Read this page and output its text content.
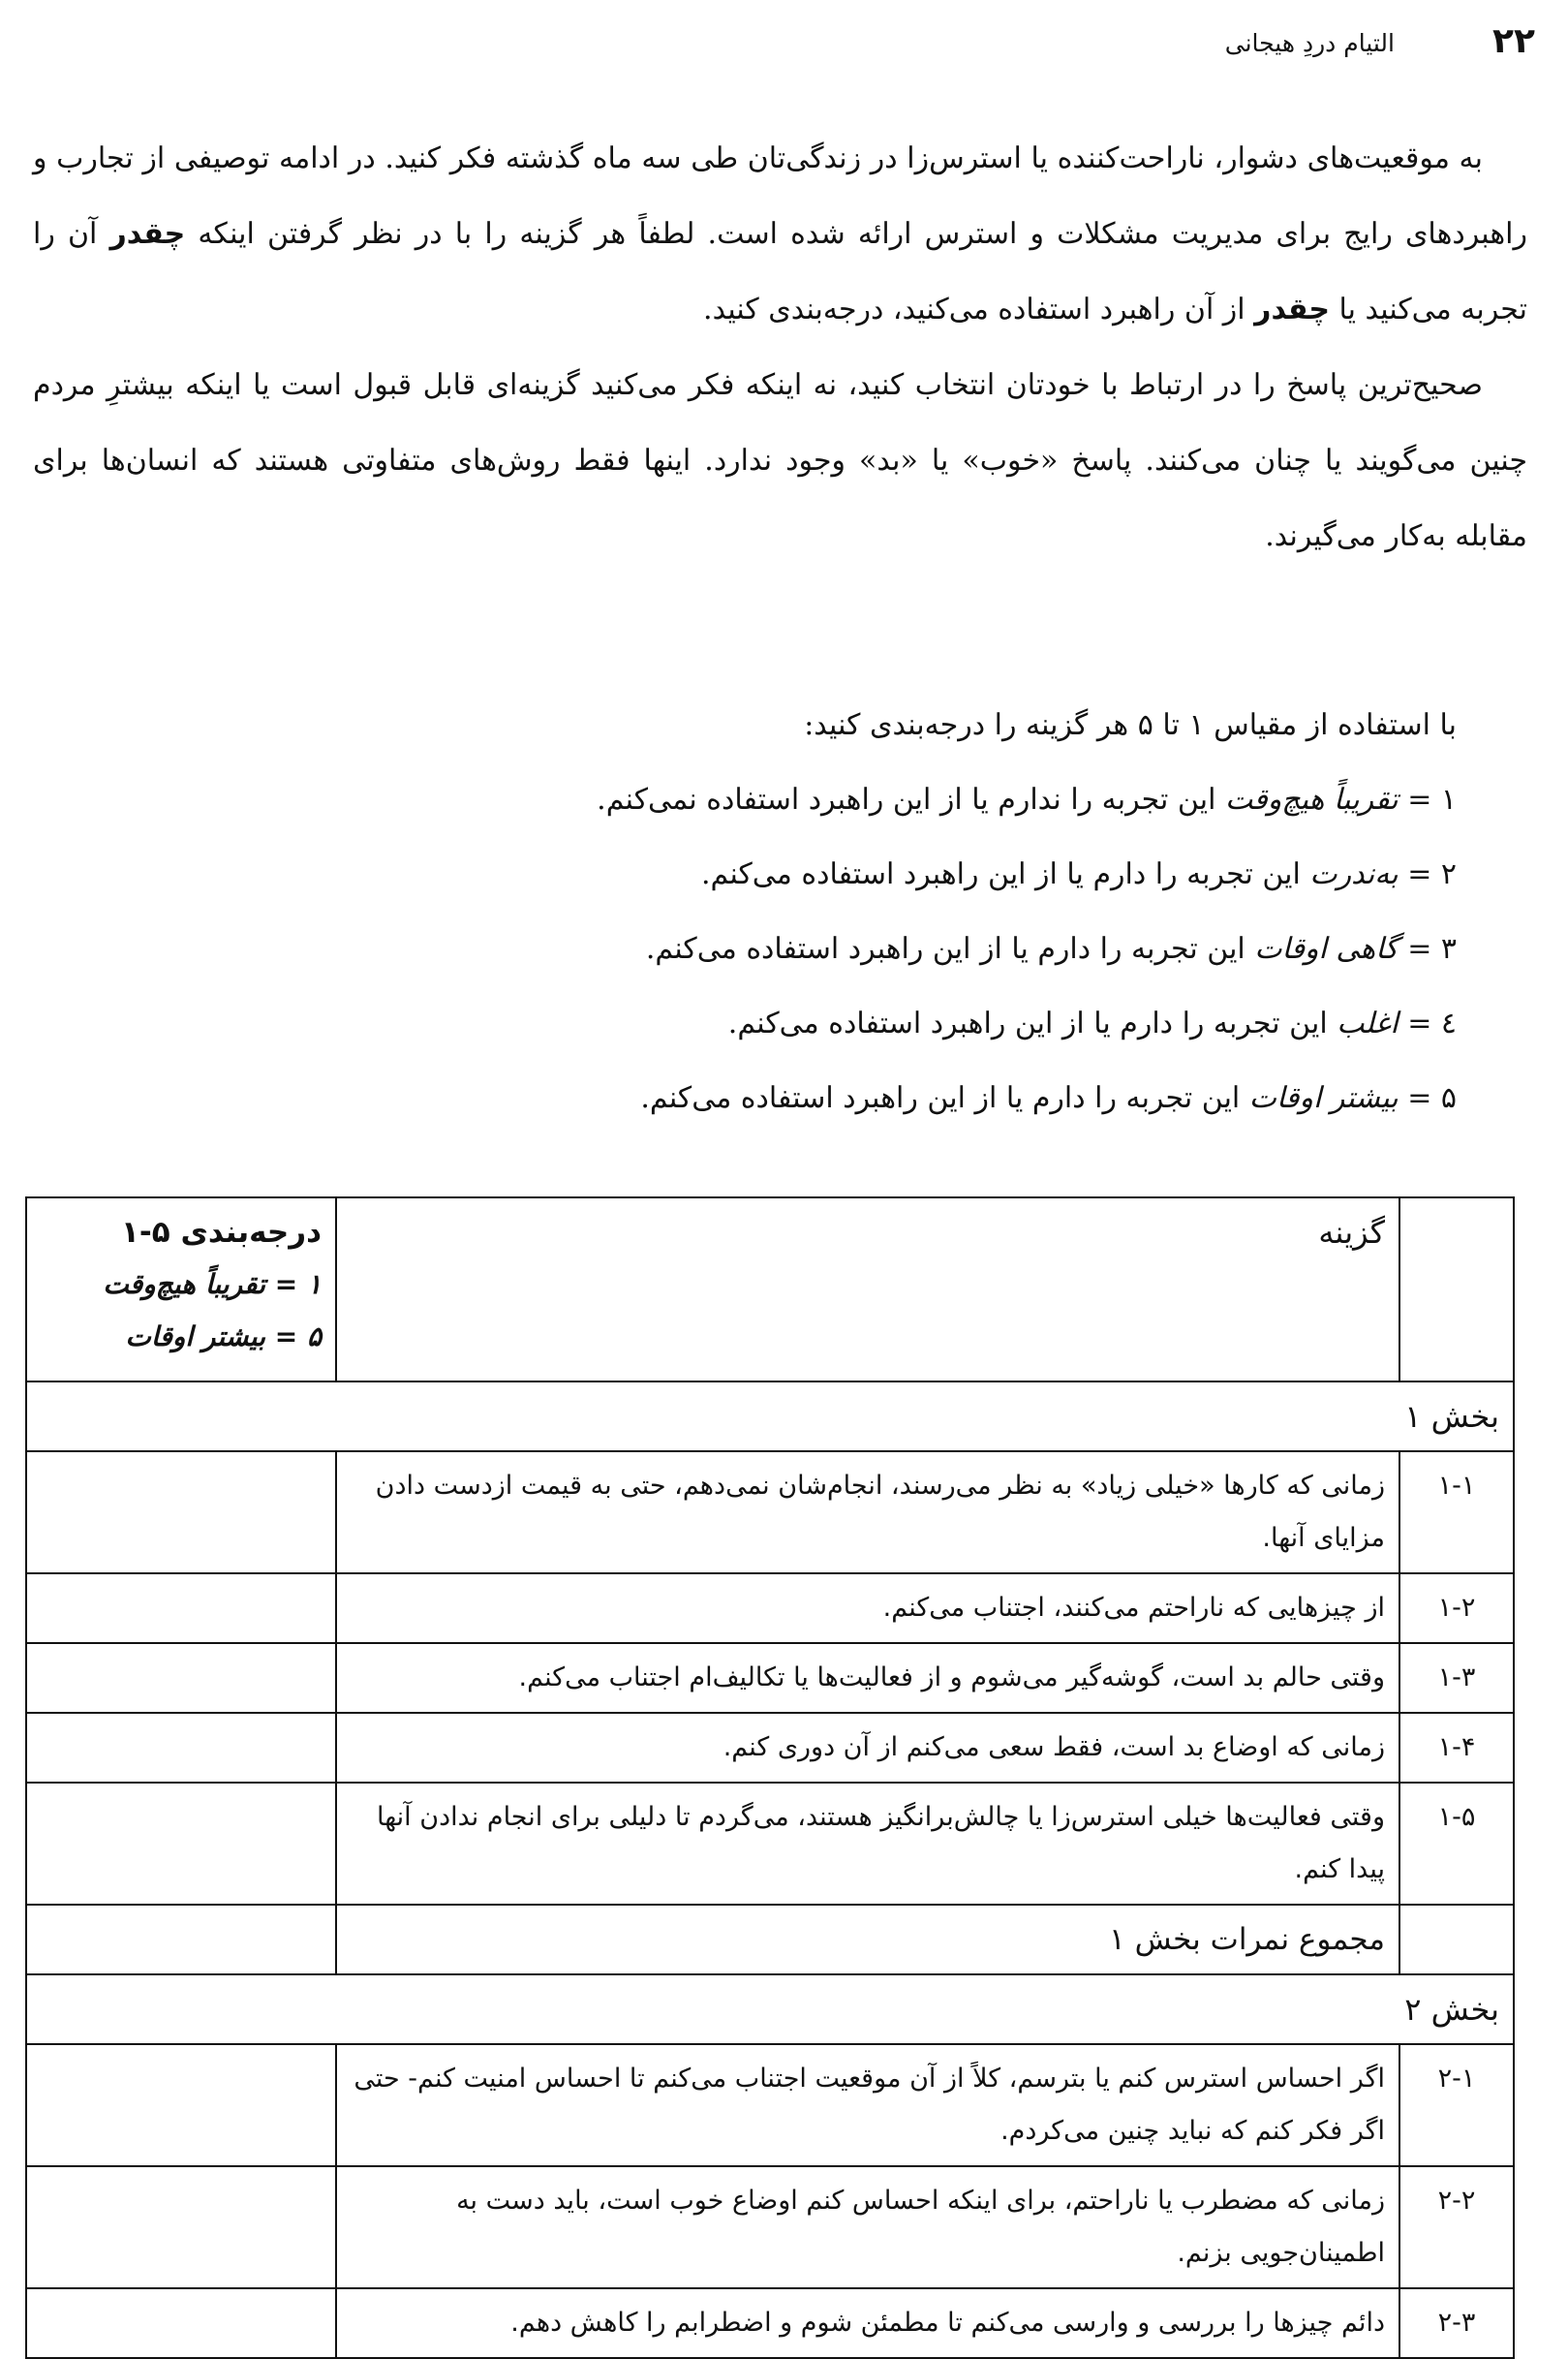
۲۲
التیام دردِ هیجانی

به موقعیت‌های دشوار، ناراحت‌کننده یا استرس‌زا در زندگی‌تان طی سه ماه گذشته فکر کنید. در ادامه توصیفی از تجارب و راهبردهای رایج برای مدیریت مشکلات و استرس ارائه شده است. لطفاً هر گزینه را با در نظر گرفتن اینکه چقدر آن را تجربه می‌کنید یا چقدر از آن راهبرد استفاده می‌کنید، درجه‌بندی کنید.

صحیح‌ترین پاسخ را در ارتباط با خودتان انتخاب کنید، نه اینکه فکر می‌کنید گزینه‌ای قابل قبول است یا اینکه بیشترِ مردم چنین می‌گویند یا چنان می‌کنند. پاسخ «خوب» یا «بد» وجود ندارد. اینها فقط روش‌های متفاوتی هستند که انسان‌ها برای مقابله به‌کار می‌گیرند.

با استفاده از مقیاس ۱ تا ۵ هر گزینه را درجه‌بندی کنید:
۱ = تقریباً هیچ‌وقت این تجربه را ندارم یا از این راهبرد استفاده نمی‌کنم.
۲ = به‌ندرت این تجربه را دارم یا از این راهبرد استفاده می‌کنم.
۳ = گاهی اوقات این تجربه را دارم یا از این راهبرد استفاده می‌کنم.
٤ = اغلب این تجربه را دارم یا از این راهبرد استفاده می‌کنم.
۵ = بیشتر اوقات این تجربه را دارم یا از این راهبرد استفاده می‌کنم.
	گزینه	درجه‌بندی ۵-۱
۱ = تقریباً هیچ‌وقت
۵ = بیشتر اوقات

بخش ۱		
۱-۱	زمانی که کارها «خیلی زیاد» به نظر می‌رسند، انجام‌شان نمی‌دهم، حتی به قیمت ازدست دادن مزایای آنها.	
۱-۲	از چیزهایی که ناراحتم می‌کنند، اجتناب می‌کنم.	
۱-۳	وقتی حالم بد است، گوشه‌گیر می‌شوم و از فعالیت‌ها یا تکالیف‌ام اجتناب می‌کنم.	
۱-۴	زمانی که اوضاع بد است، فقط سعی می‌کنم از آن دوری کنم.	
۱-۵	وقتی فعالیت‌ها خیلی استرس‌زا یا چالش‌برانگیز هستند، می‌گردم تا دلیلی برای انجام ندادن آنها پیدا کنم.	
	مجموع نمرات بخش ۱	
بخش ۲		
۲-۱	اگر احساس استرس کنم یا بترسم، کلاً از آن موقعیت اجتناب می‌کنم تا احساس امنیت کنم- حتی اگر فکر کنم که نباید چنین می‌کردم.	
۲-۲	زمانی که مضطرب یا ناراحتم، برای اینکه احساس کنم اوضاع خوب است، باید دست به اطمینان‌جویی بزنم.	
۲-۳	دائم چیزها را بررسی و وارسی می‌کنم تا مطمئن شوم و اضطرابم را کاهش دهم.	
